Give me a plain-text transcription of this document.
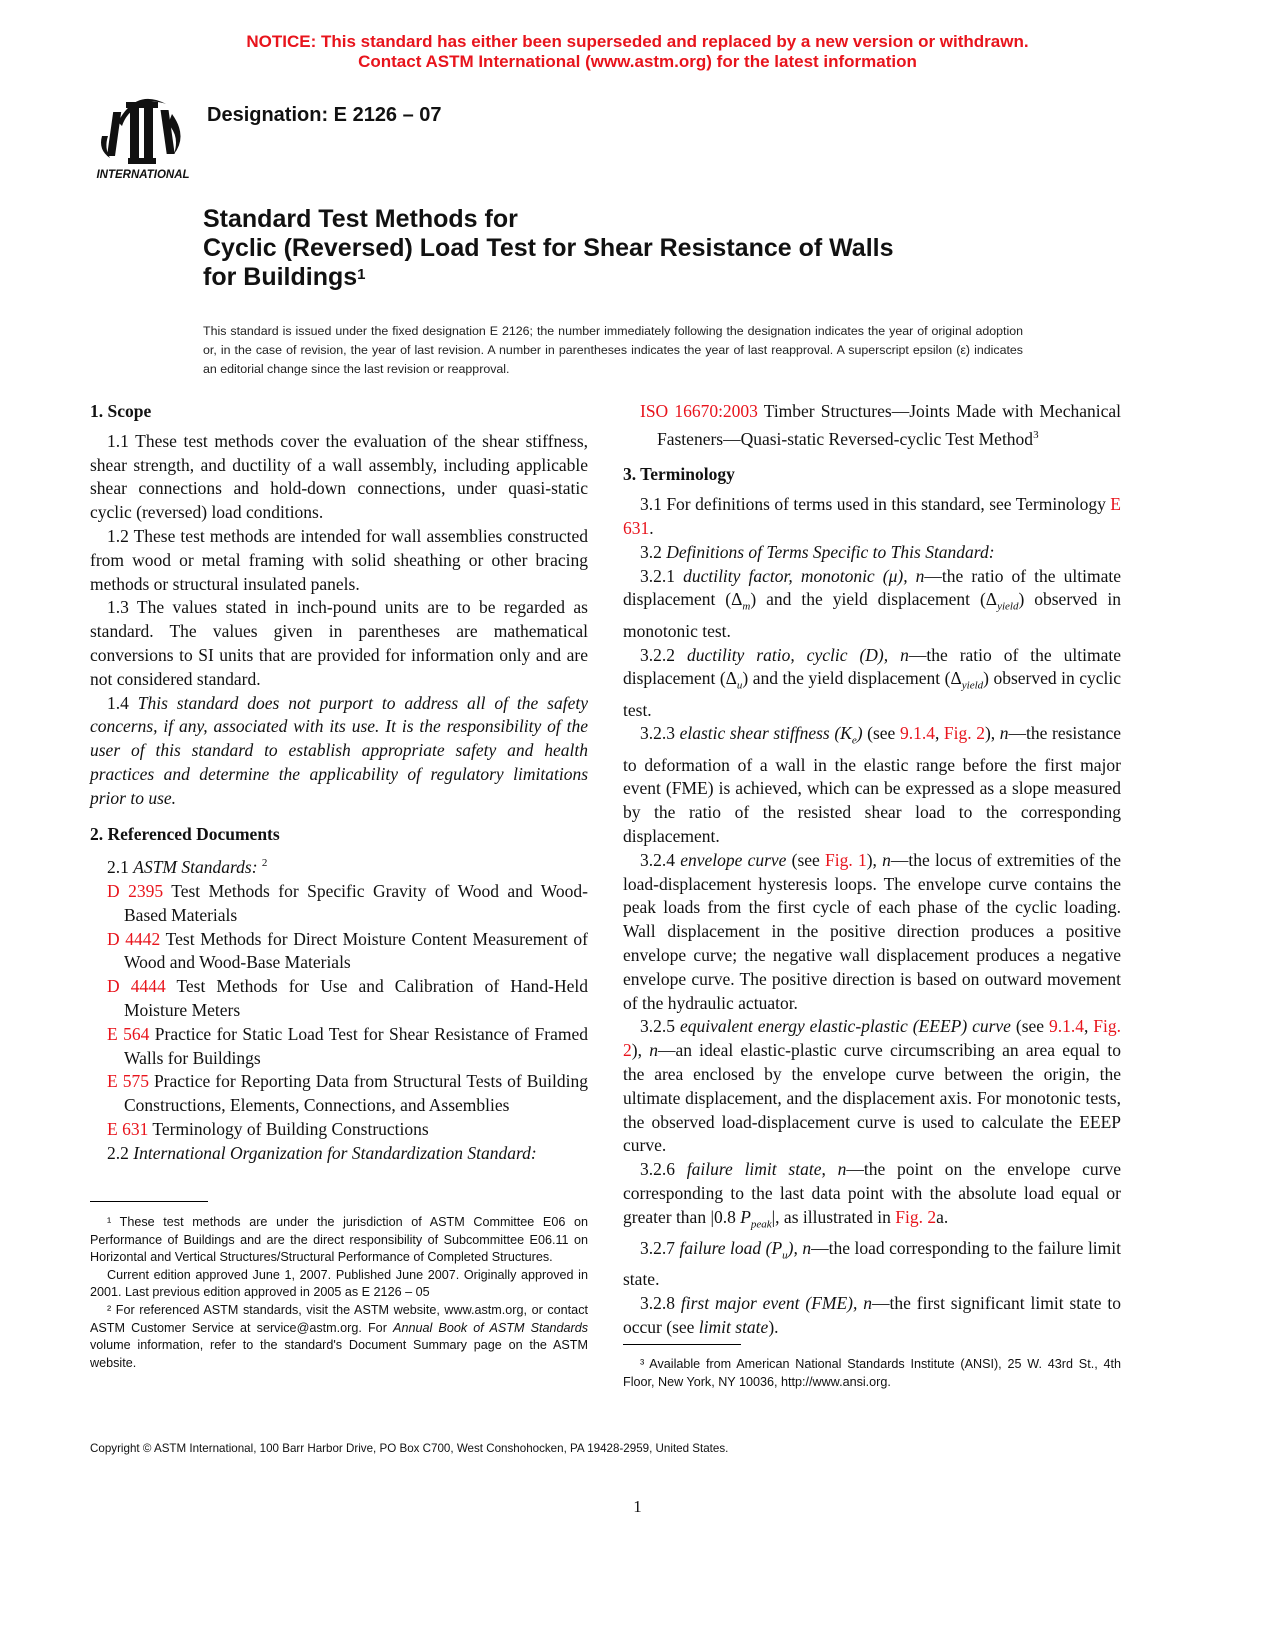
NOTICE: This standard has either been superseded and replaced by a new version or withdrawn.
Contact ASTM International (www.astm.org) for the latest information
INTERNATIONAL
Designation: E 2126 – 07
Standard Test Methods for
Cyclic (Reversed) Load Test for Shear Resistance of Walls
for Buildings$^1$
This standard is issued under the fixed designation E 2126; the number immediately following the designation indicates the year of original adoption or, in the case of revision, the year of last revision. A number in parentheses indicates the year of last reapproval. A superscript epsilon (ε) indicates an editorial change since the last revision or reapproval.

1. Scope

1.1 These test methods cover the evaluation of the shear stiffness, shear strength, and ductility of a wall assembly, including applicable shear connections and hold-down connections, under quasi-static cyclic (reversed) load conditions.

1.2 These test methods are intended for wall assemblies constructed from wood or metal framing with solid sheathing or other bracing methods or structural insulated panels.

1.3 The values stated in inch-pound units are to be regarded as standard. The values given in parentheses are mathematical conversions to SI units that are provided for information only and are not considered standard.

1.4 This standard does not purport to address all of the safety concerns, if any, associated with its use. It is the responsibility of the user of this standard to establish appropriate safety and health practices and determine the applicability of regulatory limitations prior to use.

2. Referenced Documents

2.1 ASTM Standards: $^2$

D 2395 Test Methods for Specific Gravity of Wood and Wood-Based Materials

D 4442 Test Methods for Direct Moisture Content Measurement of Wood and Wood-Base Materials

D 4444 Test Methods for Use and Calibration of Hand-Held Moisture Meters

E 564 Practice for Static Load Test for Shear Resistance of Framed Walls for Buildings

E 575 Practice for Reporting Data from Structural Tests of Building Constructions, Elements, Connections, and Assemblies

E 631 Terminology of Building Constructions

2.2 International Organization for Standardization Standard:

ISO 16670:2003 Timber Structures—Joints Made with Mechanical Fasteners—Quasi-static Reversed-cyclic Test Method$^3$

3. Terminology

3.1 For definitions of terms used in this standard, see Terminology E 631.

3.2 Definitions of Terms Specific to This Standard:

3.2.1 ductility factor, monotonic (μ), n—the ratio of the ultimate displacement $(\Delta_m)$ and the yield displacement $(\Delta_{yield})$ observed in monotonic test.

3.2.2 ductility ratio, cyclic (D), n—the ratio of the ultimate displacement $(\Delta_u)$ and the yield displacement $(\Delta_{yield})$ observed in cyclic test.

3.2.3 elastic shear stiffness $(K_e)$ (see 9.1.4, Fig. 2), n—the resistance to deformation of a wall in the elastic range before the first major event (FME) is achieved, which can be expressed as a slope measured by the ratio of the resisted shear load to the corresponding displacement.

3.2.4 envelope curve (see Fig. 1), n—the locus of extremities of the load-displacement hysteresis loops. The envelope curve contains the peak loads from the first cycle of each phase of the cyclic loading. Wall displacement in the positive direction produces a positive envelope curve; the negative wall displacement produces a negative envelope curve. The positive direction is based on outward movement of the hydraulic actuator.

3.2.5 equivalent energy elastic-plastic (EEEP) curve (see 9.1.4, Fig. 2), n—an ideal elastic-plastic curve circumscribing an area equal to the area enclosed by the envelope curve between the origin, the ultimate displacement, and the displacement axis. For monotonic tests, the observed load-displacement curve is used to calculate the EEEP curve.

3.2.6 failure limit state, n—the point on the envelope curve corresponding to the last data point with the absolute load equal or greater than |0.8 $P_{peak}|$, as illustrated in Fig. 2a.

3.2.7 failure load $(P_u)$, n—the load corresponding to the failure limit state.

3.2.8 first major event (FME), n—the first significant limit state to occur (see limit state).

¹ These test methods are under the jurisdiction of ASTM Committee E06 on Performance of Buildings and are the direct responsibility of Subcommittee E06.11 on Horizontal and Vertical Structures/Structural Performance of Completed Structures.

Current edition approved June 1, 2007. Published June 2007. Originally approved in 2001. Last previous edition approved in 2005 as E 2126 – 05

² For referenced ASTM standards, visit the ASTM website, www.astm.org, or contact ASTM Customer Service at service@astm.org. For Annual Book of ASTM Standards volume information, refer to the standard's Document Summary page on the ASTM website.	³ Available from American National Standards Institute (ANSI), 25 W. 43rd St., 4th Floor, New York, NY 10036, http://www.ansi.org.

Copyright © ASTM International, 100 Barr Harbor Drive, PO Box C700, West Conshohocken, PA 19428-2959, United States.
1
